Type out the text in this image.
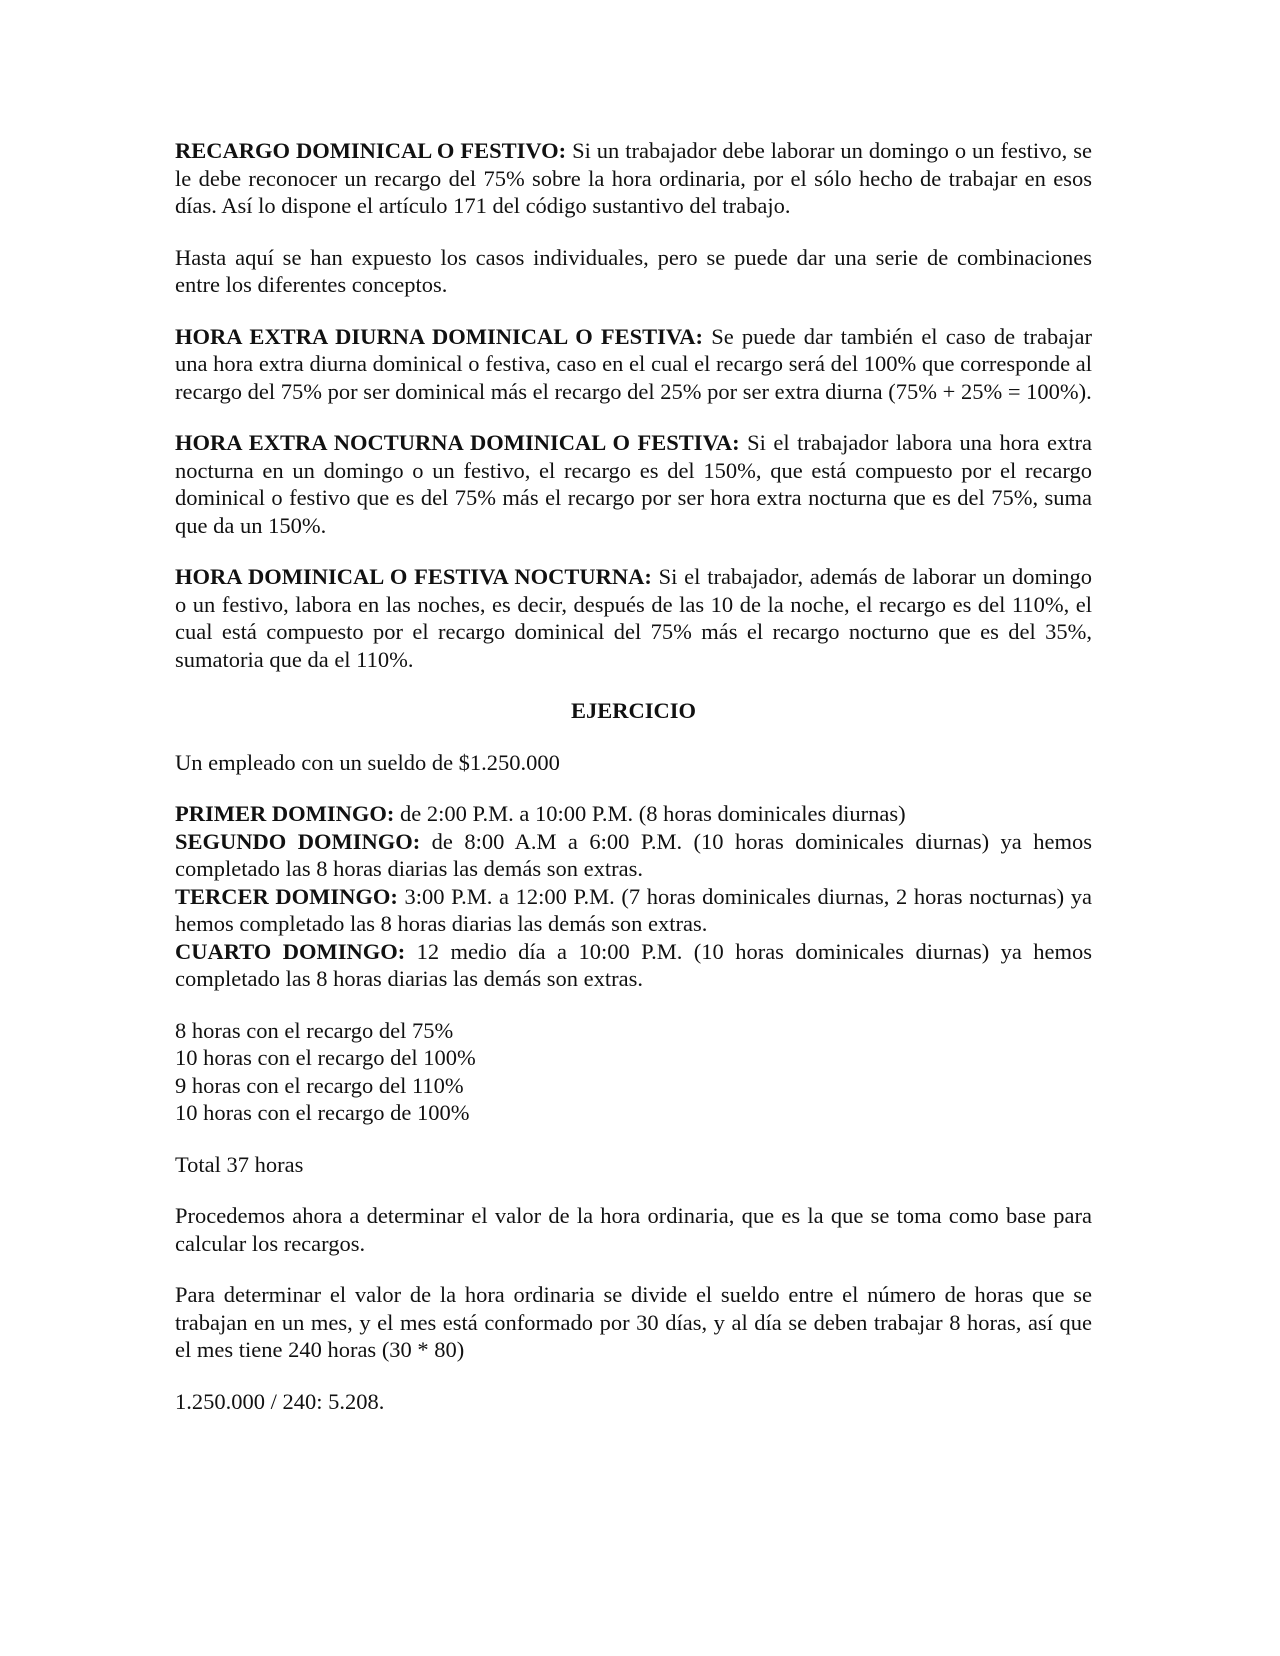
RECARGO DOMINICAL O FESTIVO: Si un trabajador debe laborar un domingo o un festivo, se le debe reconocer un recargo del 75% sobre la hora ordinaria, por el sólo hecho de trabajar en esos días. Así lo dispone el artículo 171 del código sustantivo del trabajo.

Hasta aquí se han expuesto los casos individuales, pero se puede dar una serie de combinaciones entre los diferentes conceptos.

HORA EXTRA DIURNA DOMINICAL O FESTIVA: Se puede dar también el caso de trabajar una hora extra diurna dominical o festiva, caso en el cual el recargo será del 100% que corresponde al recargo del 75% por ser dominical más el recargo del 25% por ser extra diurna (75% + 25% = 100%).

HORA EXTRA NOCTURNA DOMINICAL O FESTIVA: Si el trabajador labora una hora extra nocturna en un domingo o un festivo, el recargo es del 150%, que está compuesto por el recargo dominical o festivo que es del 75% más el recargo por ser hora extra nocturna que es del 75%, suma que da un 150%.

HORA DOMINICAL O FESTIVA NOCTURNA: Si el trabajador, además de laborar un domingo o un festivo, labora en las noches, es decir, después de las 10 de la noche, el recargo es del 110%, el cual está compuesto por el recargo dominical del 75% más el recargo nocturno que es del 35%, sumatoria que da el 110%.

EJERCICIO

Un empleado con un sueldo de $1.250.000

PRIMER DOMINGO: de 2:00 P.M. a 10:00 P.M. (8 horas dominicales diurnas)
SEGUNDO DOMINGO: de 8:00 A.M a 6:00 P.M. (10 horas dominicales diurnas) ya hemos completado las 8 horas diarias las demás son extras.
TERCER DOMINGO: 3:00 P.M. a 12:00 P.M. (7 horas dominicales diurnas, 2 horas nocturnas) ya hemos completado las 8 horas diarias las demás son extras.
CUARTO DOMINGO: 12 medio día a 10:00 P.M. (10 horas dominicales diurnas) ya hemos completado las 8 horas diarias las demás son extras.

8 horas con el recargo del 75%
10 horas con el recargo del 100%
9 horas con el recargo del 110%
10 horas con el recargo de 100%

Total 37 horas

Procedemos ahora a determinar el valor de la hora ordinaria, que es la que se toma como base para calcular los recargos.

Para determinar el valor de la hora ordinaria se divide el sueldo entre el número de horas que se trabajan en un mes, y el mes está conformado por 30 días, y al día se deben trabajar 8 horas, así que el mes tiene 240 horas (30 * 80)

1.250.000 / 240: 5.208.
